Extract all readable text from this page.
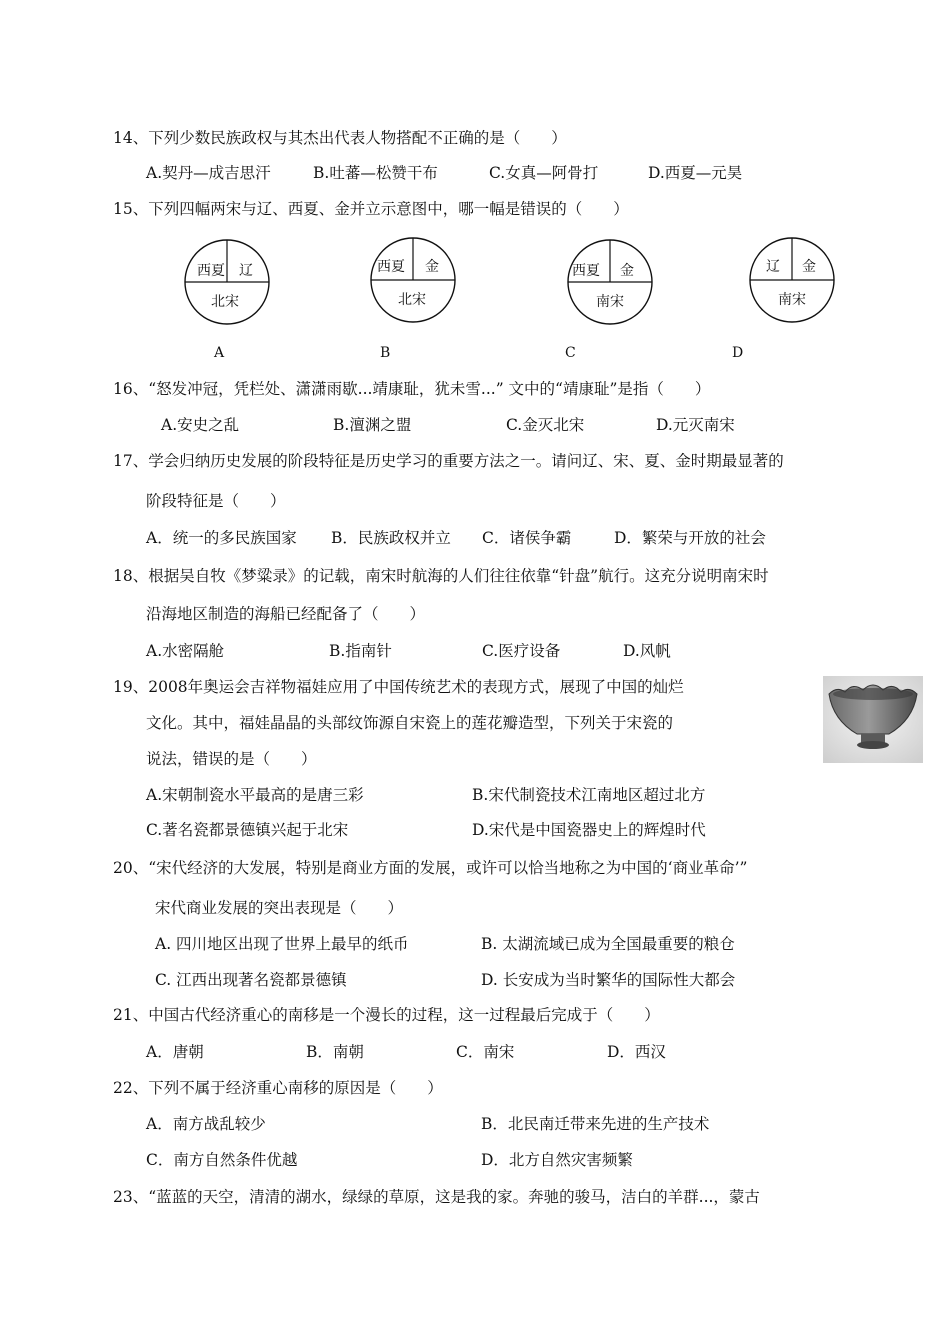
14、下列少数民族政权与其杰出代表人物搭配不正确的是（　　）
A.契丹—成吉思汗	B.吐蕃—松赞干布	C.女真—阿骨打	D.西夏—元昊
15、下列四幅两宋与辽、西夏、金并立示意图中，哪一幅是错误的（　　）
西夏 辽
北宋
西夏 金
北宋
西夏 金
南宋
辽 金
南宋
A	B	C	D
16、“怒发冲冠，凭栏处、潇潇雨歇...靖康耻，犹未雪...” 文中的“靖康耻”是指（　　）
A.安史之乱	B.澶渊之盟	C.金灭北宋	D.元灭南宋
17、学会归纳历史发展的阶段特征是历史学习的重要方法之一。请问辽、宋、夏、金时期最显著的
阶段特征是（　　）
A．统一的多民族国家 B．民族政权并立 C．诸侯争霸	D．繁荣与开放的社会
18、根据吴自牧《梦粱录》的记载，南宋时航海的人们往往依靠“针盘”航行。这充分说明南宋时
沿海地区制造的海船已经配备了（　　）
A.水密隔舱	B.指南针	C.医疗设备	D.风帆
19、2008年奥运会吉祥物福娃应用了中国传统艺术的表现方式，展现了中国的灿烂
文化。其中，福娃晶晶的头部纹饰源自宋瓷上的莲花瓣造型，下列关于宋瓷的
说法，错误的是（　　）
A.宋朝制瓷水平最高的是唐三彩	B.宋代制瓷技术江南地区超过北方
C.著名瓷都景德镇兴起于北宋	D.宋代是中国瓷器史上的辉煌时代
20、“宋代经济的大发展，特别是商业方面的发展，或许可以恰当地称之为中国的‘商业革命’”
宋代商业发展的突出表现是（　　）
A. 四川地区出现了世界上最早的纸币	B. 太湖流域已成为全国最重要的粮仓
C. 江西出现著名瓷都景德镇	D. 长安成为当时繁华的国际性大都会
21、中国古代经济重心的南移是一个漫长的过程，这一过程最后完成于（　　）
A．唐朝	B．南朝	C．南宋	D．西汉
22、下列不属于经济重心南移的原因是（　　）
A．南方战乱较少	B．北民南迁带来先进的生产技术
C．南方自然条件优越	D．北方自然灾害频繁
23、“蓝蓝的天空，清清的湖水，绿绿的草原，这是我的家。奔驰的骏马，洁白的羊群...，蒙古
